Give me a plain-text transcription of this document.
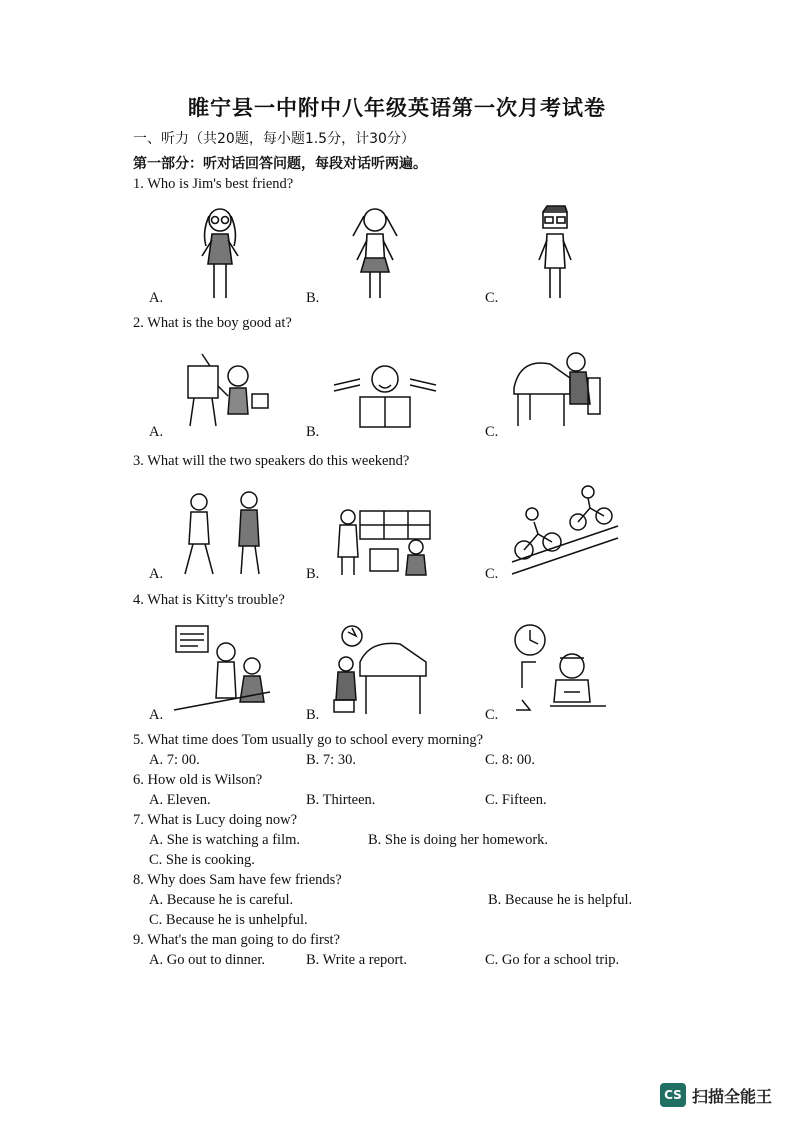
睢宁县一中附中八年级英语第一次月考试卷
一、听力（共20题，每小题1.5分，计30分）
第一部分：听对话回答问题，每段对话听两遍。
1. Who is Jim's best friend?
A.	B.	C.
2. What is the boy good at?
A.	B.	C.
3. What will the two speakers do this weekend?
A.	B.	C.
4. What is Kitty's trouble?
A.	B.	C.
5. What time does Tom usually go to school every morning?
A. 7: 00.	B. 7: 30.	C. 8: 00.
6. How old is Wilson?
A. Eleven.	B. Thirteen.	C. Fifteen.
7. What is Lucy doing now?
A. She is watching a film.	B. She is doing her homework.
C. She is cooking.
8. Why does Sam have few friends?
A. Because he is careful.	B. Because he is helpful.
C. Because he is unhelpful.
9. What's the man going to do first?
A. Go out to dinner.	B. Write a report.	C. Go for a school trip.
CS 扫描全能王
